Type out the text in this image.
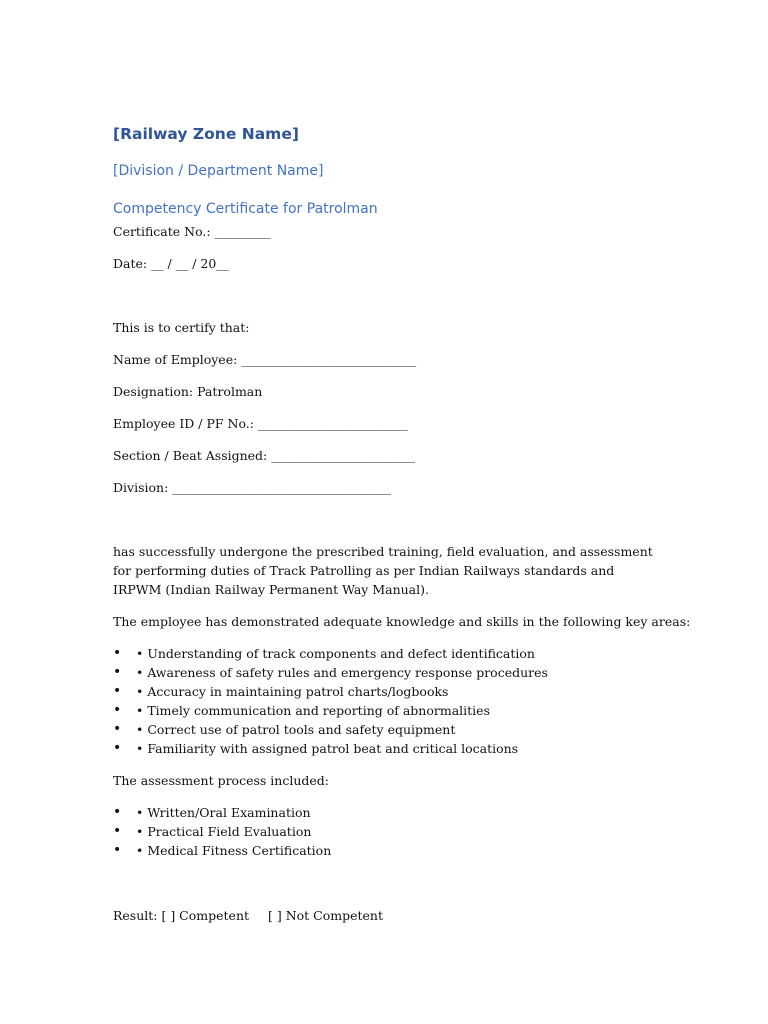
[Railway Zone Name]
[Division / Department Name]
Competency Certificate for Patrolman
Certificate No.: _________
Date: __ / __ / 20__
This is to certify that:
Name of Employee: ____________________________
Designation: Patrolman
Employee ID / PF No.: ________________________
Section / Beat Assigned: _______________________
Division: ___________________________________
has successfully undergone the prescribed training, field evaluation, and assessment for performing duties of Track Patrolling as per Indian Railways standards and IRPWM (Indian Railway Permanent Way Manual).
The employee has demonstrated adequate knowledge and skills in the following key areas:
• • Understanding of track components and defect identification
• • Awareness of safety rules and emergency response procedures
• • Accuracy in maintaining patrol charts/logbooks
• • Timely communication and reporting of abnormalities
• • Correct use of patrol tools and safety equipment
• • Familiarity with assigned patrol beat and critical locations
The assessment process included:
• • Written/Oral Examination
• • Practical Field Evaluation
• • Medical Fitness Certification
Result: [ ] Competent [ ] Not Competent
